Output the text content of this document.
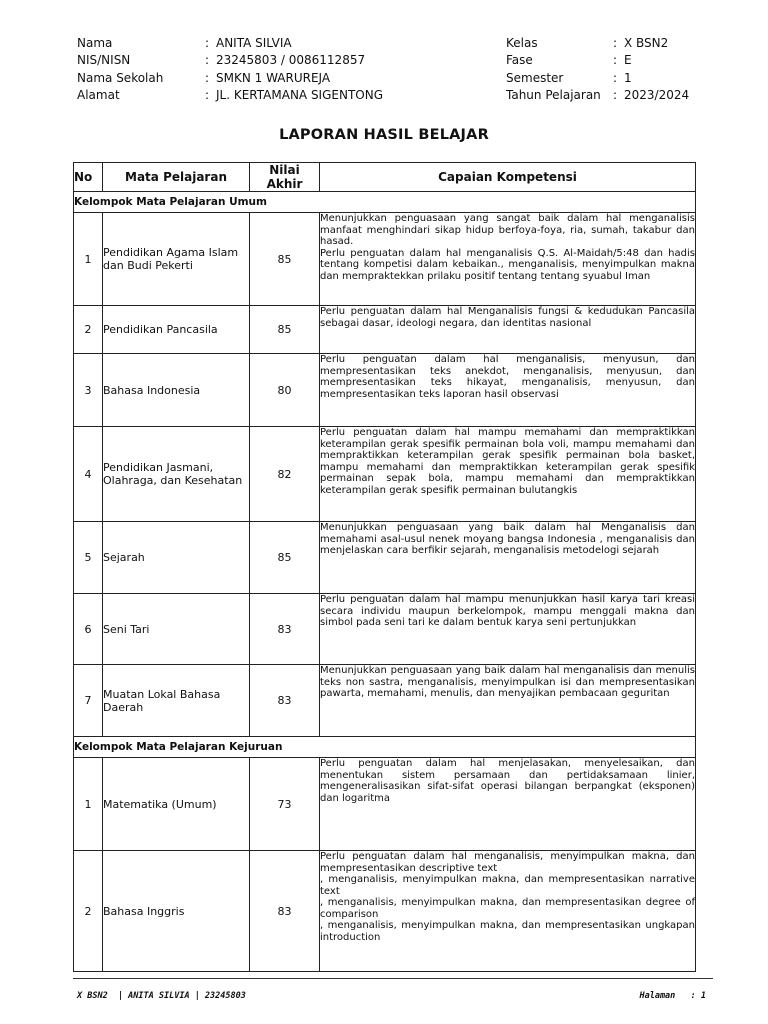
Nama	: ANITA SILVIA
NIS/NISN	: 23245803 / 0086112857
Nama Sekolah	: SMKN 1 WARUREJA
Alamat	: JL. KERTAMANA SIGENTONG
Kelas	: X BSN2
Fase	: E
Semester	: 1
Tahun Pelajaran	: 2023/2024
LAPORAN HASIL BELAJAR
No	Mata Pelajaran	Nilai Akhir	Capaian Kompetensi
Kelompok Mata Pelajaran Umum			
1	Pendidikan Agama Islam dan Budi Pekerti	85	Menunjukkan penguasaan yang sangat baik dalam hal menganalisis manfaat menghindari sikap hidup berfoya-foya, ria, sumah, takabur dan hasad.
Perlu penguatan dalam hal menganalisis Q.S. Al-Maidah/5:48 dan hadis tentang kompetisi dalam kebaikan., menganalisis, menyimpulkan makna dan mempraktekkan prilaku positif tentang tentang syuabul Iman

2	Pendidikan Pancasila	85	Perlu penguatan dalam hal Menganalisis fungsi & kedudukan Pancasila sebagai dasar, ideologi negara, dan identitas nasional

3	Bahasa Indonesia	80	Perlu penguatan dalam hal menganalisis, menyusun, dan mempresentasikan teks anekdot, menganalisis, menyusun, dan mempresentasikan teks hikayat, menganalisis, menyusun, dan mempresentasikan teks laporan hasil observasi

4	Pendidikan Jasmani, Olahraga, dan Kesehatan	82	Perlu penguatan dalam hal mampu memahami dan mempraktikkan keterampilan gerak spesifik permainan bola voli, mampu memahami dan mempraktikkan keterampilan gerak spesifik permainan bola basket, mampu memahami dan mempraktikkan keterampilan gerak spesifik permainan sepak bola, mampu memahami dan mempraktikkan keterampilan gerak spesifik permainan bulutangkis

5	Sejarah	85	Menunjukkan penguasaan yang baik dalam hal Menganalisis dan memahami asal-usul nenek moyang bangsa Indonesia , menganalisis dan menjelaskan cara berfikir sejarah, menganalisis metodelogi sejarah

6	Seni Tari	83	Perlu penguatan dalam hal mampu menunjukkan hasil karya tari kreasi secara individu maupun berkelompok, mampu menggali makna dan simbol pada seni tari ke dalam bentuk karya seni pertunjukkan

7	Muatan Lokal Bahasa Daerah	83	Menunjukkan penguasaan yang baik dalam hal menganalisis dan menulis teks non sastra, menganalisis, menyimpulkan isi dan mempresentasikan pawarta, memahami, menulis, dan menyajikan pembacaan geguritan

Kelompok Mata Pelajaran Kejuruan			
1	Matematika (Umum)	73	Perlu penguatan dalam hal menjelasakan, menyelesaikan, dan menentukan sistem persamaan dan pertidaksamaan linier, mengeneralisasikan sifat-sifat operasi bilangan berpangkat (eksponen) dan logaritma

2	Bahasa Inggris	83	Perlu penguatan dalam hal menganalisis, menyimpulkan makna, dan mempresentasikan descriptive text
, menganalisis, menyimpulkan makna, dan mempresentasikan narrative text
, menganalisis, menyimpulkan makna, dan mempresentasikan degree of comparison
, menganalisis, menyimpulkan makna, dan mempresentasikan ungkapan introduction
X BSN2  | ANITA SILVIA | 23245803	Halaman   : 1
